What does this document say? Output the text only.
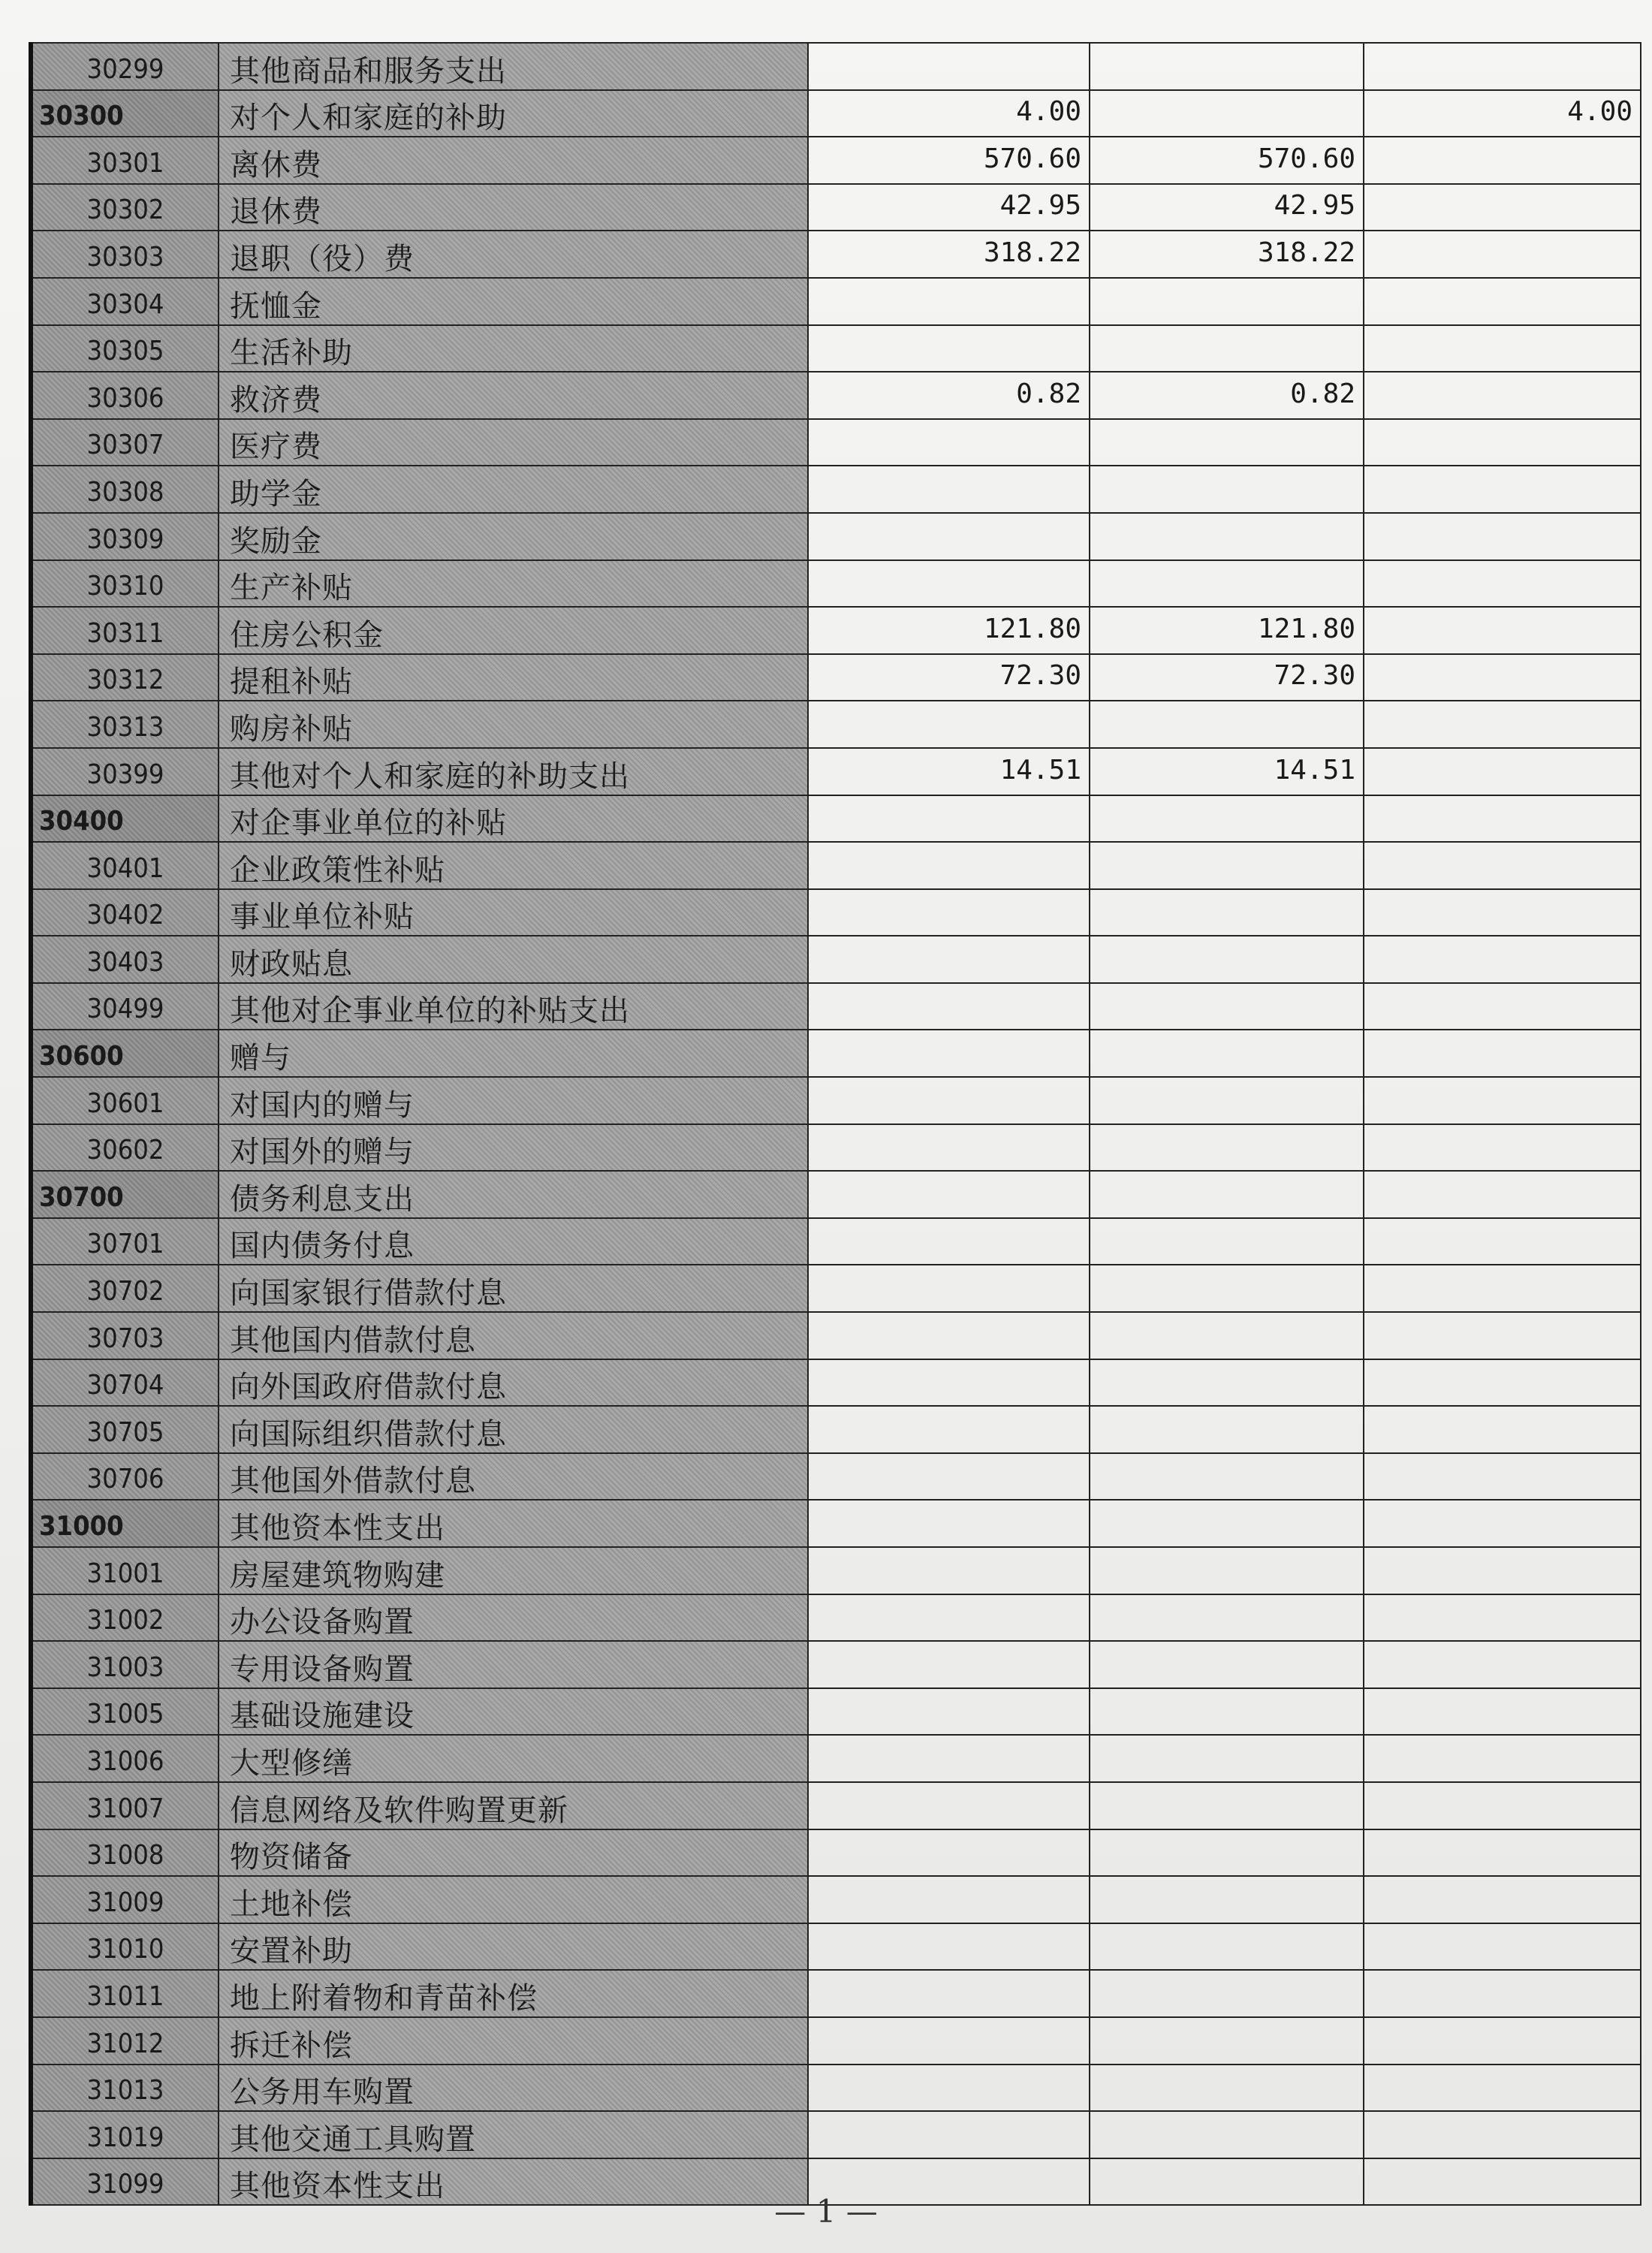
30299	其他商品和服务支出			
30300	对个人和家庭的补助	4.00		4.00
30301	离休费	570.60	570.60	
30302	退休费	42.95	42.95	
30303	退职（役）费	318.22	318.22	
30304	抚恤金			
30305	生活补助			
30306	救济费	0.82	0.82	
30307	医疗费			
30308	助学金			
30309	奖励金			
30310	生产补贴			
30311	住房公积金	121.80	121.80	
30312	提租补贴	72.30	72.30	
30313	购房补贴			
30399	其他对个人和家庭的补助支出	14.51	14.51	
30400	对企事业单位的补贴			
30401	企业政策性补贴			
30402	事业单位补贴			
30403	财政贴息			
30499	其他对企事业单位的补贴支出			
30600	赠与			
30601	对国内的赠与			
30602	对国外的赠与			
30700	债务利息支出			
30701	国内债务付息			
30702	向国家银行借款付息			
30703	其他国内借款付息			
30704	向外国政府借款付息			
30705	向国际组织借款付息			
30706	其他国外借款付息			
31000	其他资本性支出			
31001	房屋建筑物购建			
31002	办公设备购置			
31003	专用设备购置			
31005	基础设施建设			
31006	大型修缮			
31007	信息网络及软件购置更新			
31008	物资储备			
31009	土地补偿			
31010	安置补助			
31011	地上附着物和青苗补偿			
31012	拆迁补偿			
31013	公务用车购置			
31019	其他交通工具购置			
31099	其他资本性支出			
— 1 —
